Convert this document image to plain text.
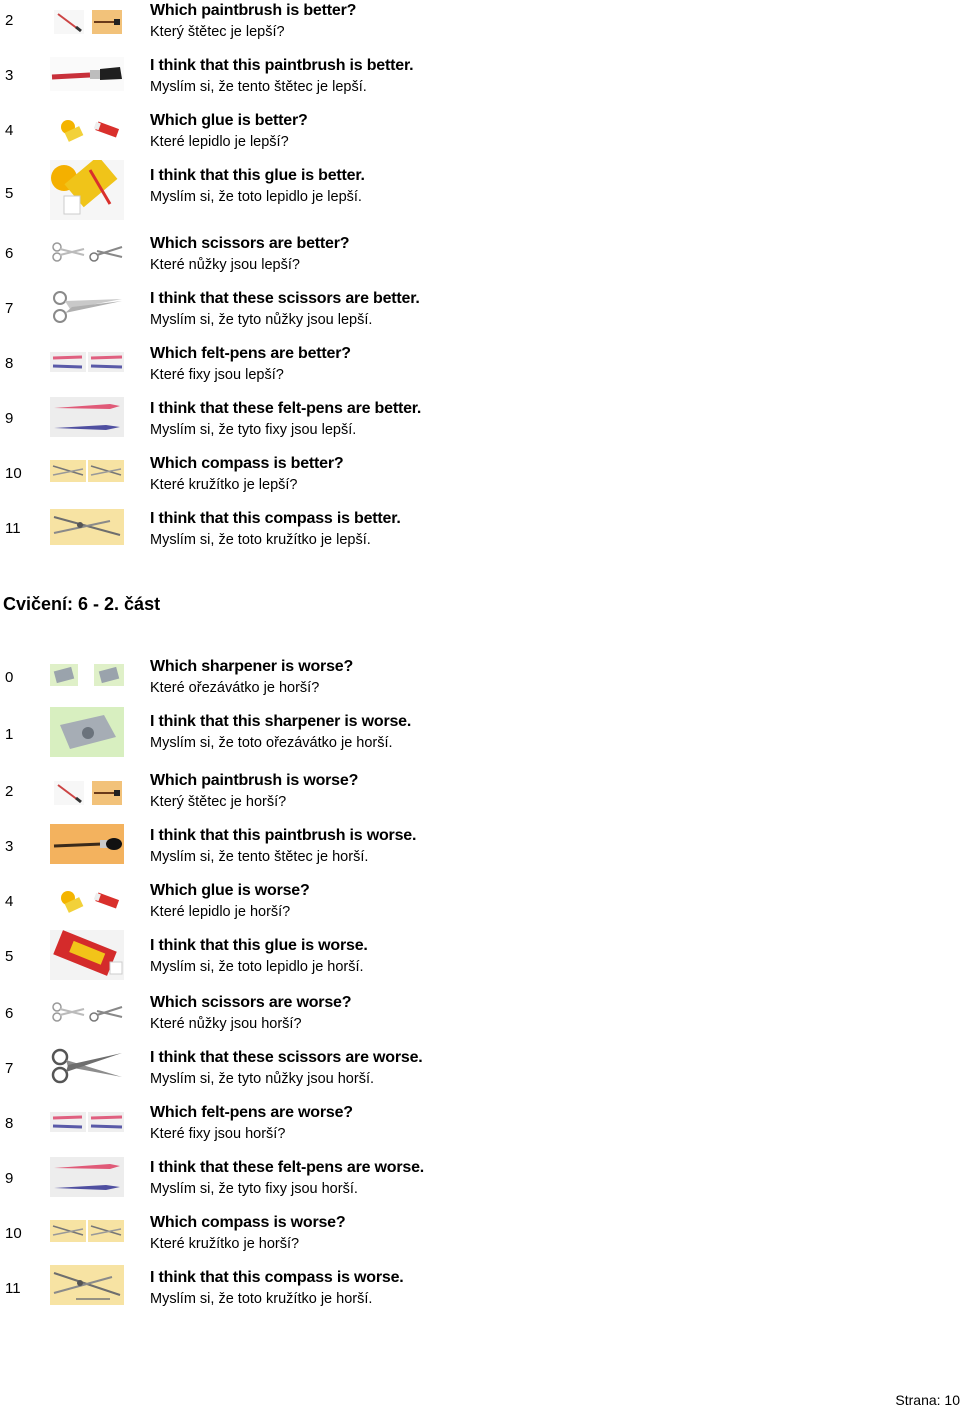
2
Which paintbrush is better?
Který štětec je lepší?
3
I think that this paintbrush is better.
Myslím si, že tento štětec je lepší.
4
Which glue is better?
Které lepidlo je lepší?
5
I think that this glue is better.
Myslím si, že toto lepidlo je lepší.
6
Which scissors are better?
Které nůžky jsou lepší?
7
I think that these scissors are better.
Myslím si, že tyto nůžky jsou lepší.
8
Which felt-pens are better?
Které fixy jsou lepší?
9
I think that these felt-pens are better.
Myslím si, že tyto fixy jsou lepší.
10
Which compass is better?
Které kružítko je lepší?
11
I think that this compass is better.
Myslím si, že toto kružítko je lepší.
Cvičení: 6 - 2. část
0
Which sharpener is worse?
Které ořezávátko je horší?
1
I think that this sharpener is worse.
Myslím si, že toto ořezávátko je horší.
2
Which paintbrush is worse?
Který štětec je horší?
3
I think that this paintbrush is worse.
Myslím si, že tento štětec je horší.
4
Which glue is worse?
Které lepidlo je horší?
5
I think that this glue is worse.
Myslím si, že toto lepidlo je horší.
6
Which scissors are worse?
Které nůžky jsou horší?
7
I think that these scissors are worse.
Myslím si, že tyto nůžky jsou horší.
8
Which felt-pens are worse?
Které fixy jsou horší?
9
I think that these felt-pens are worse.
Myslím si, že tyto fixy jsou horší.
10
Which compass is worse?
Které kružítko je horší?
11
I think that this compass is worse.
Myslím si, že toto kružítko je horší.
Strana: 10
